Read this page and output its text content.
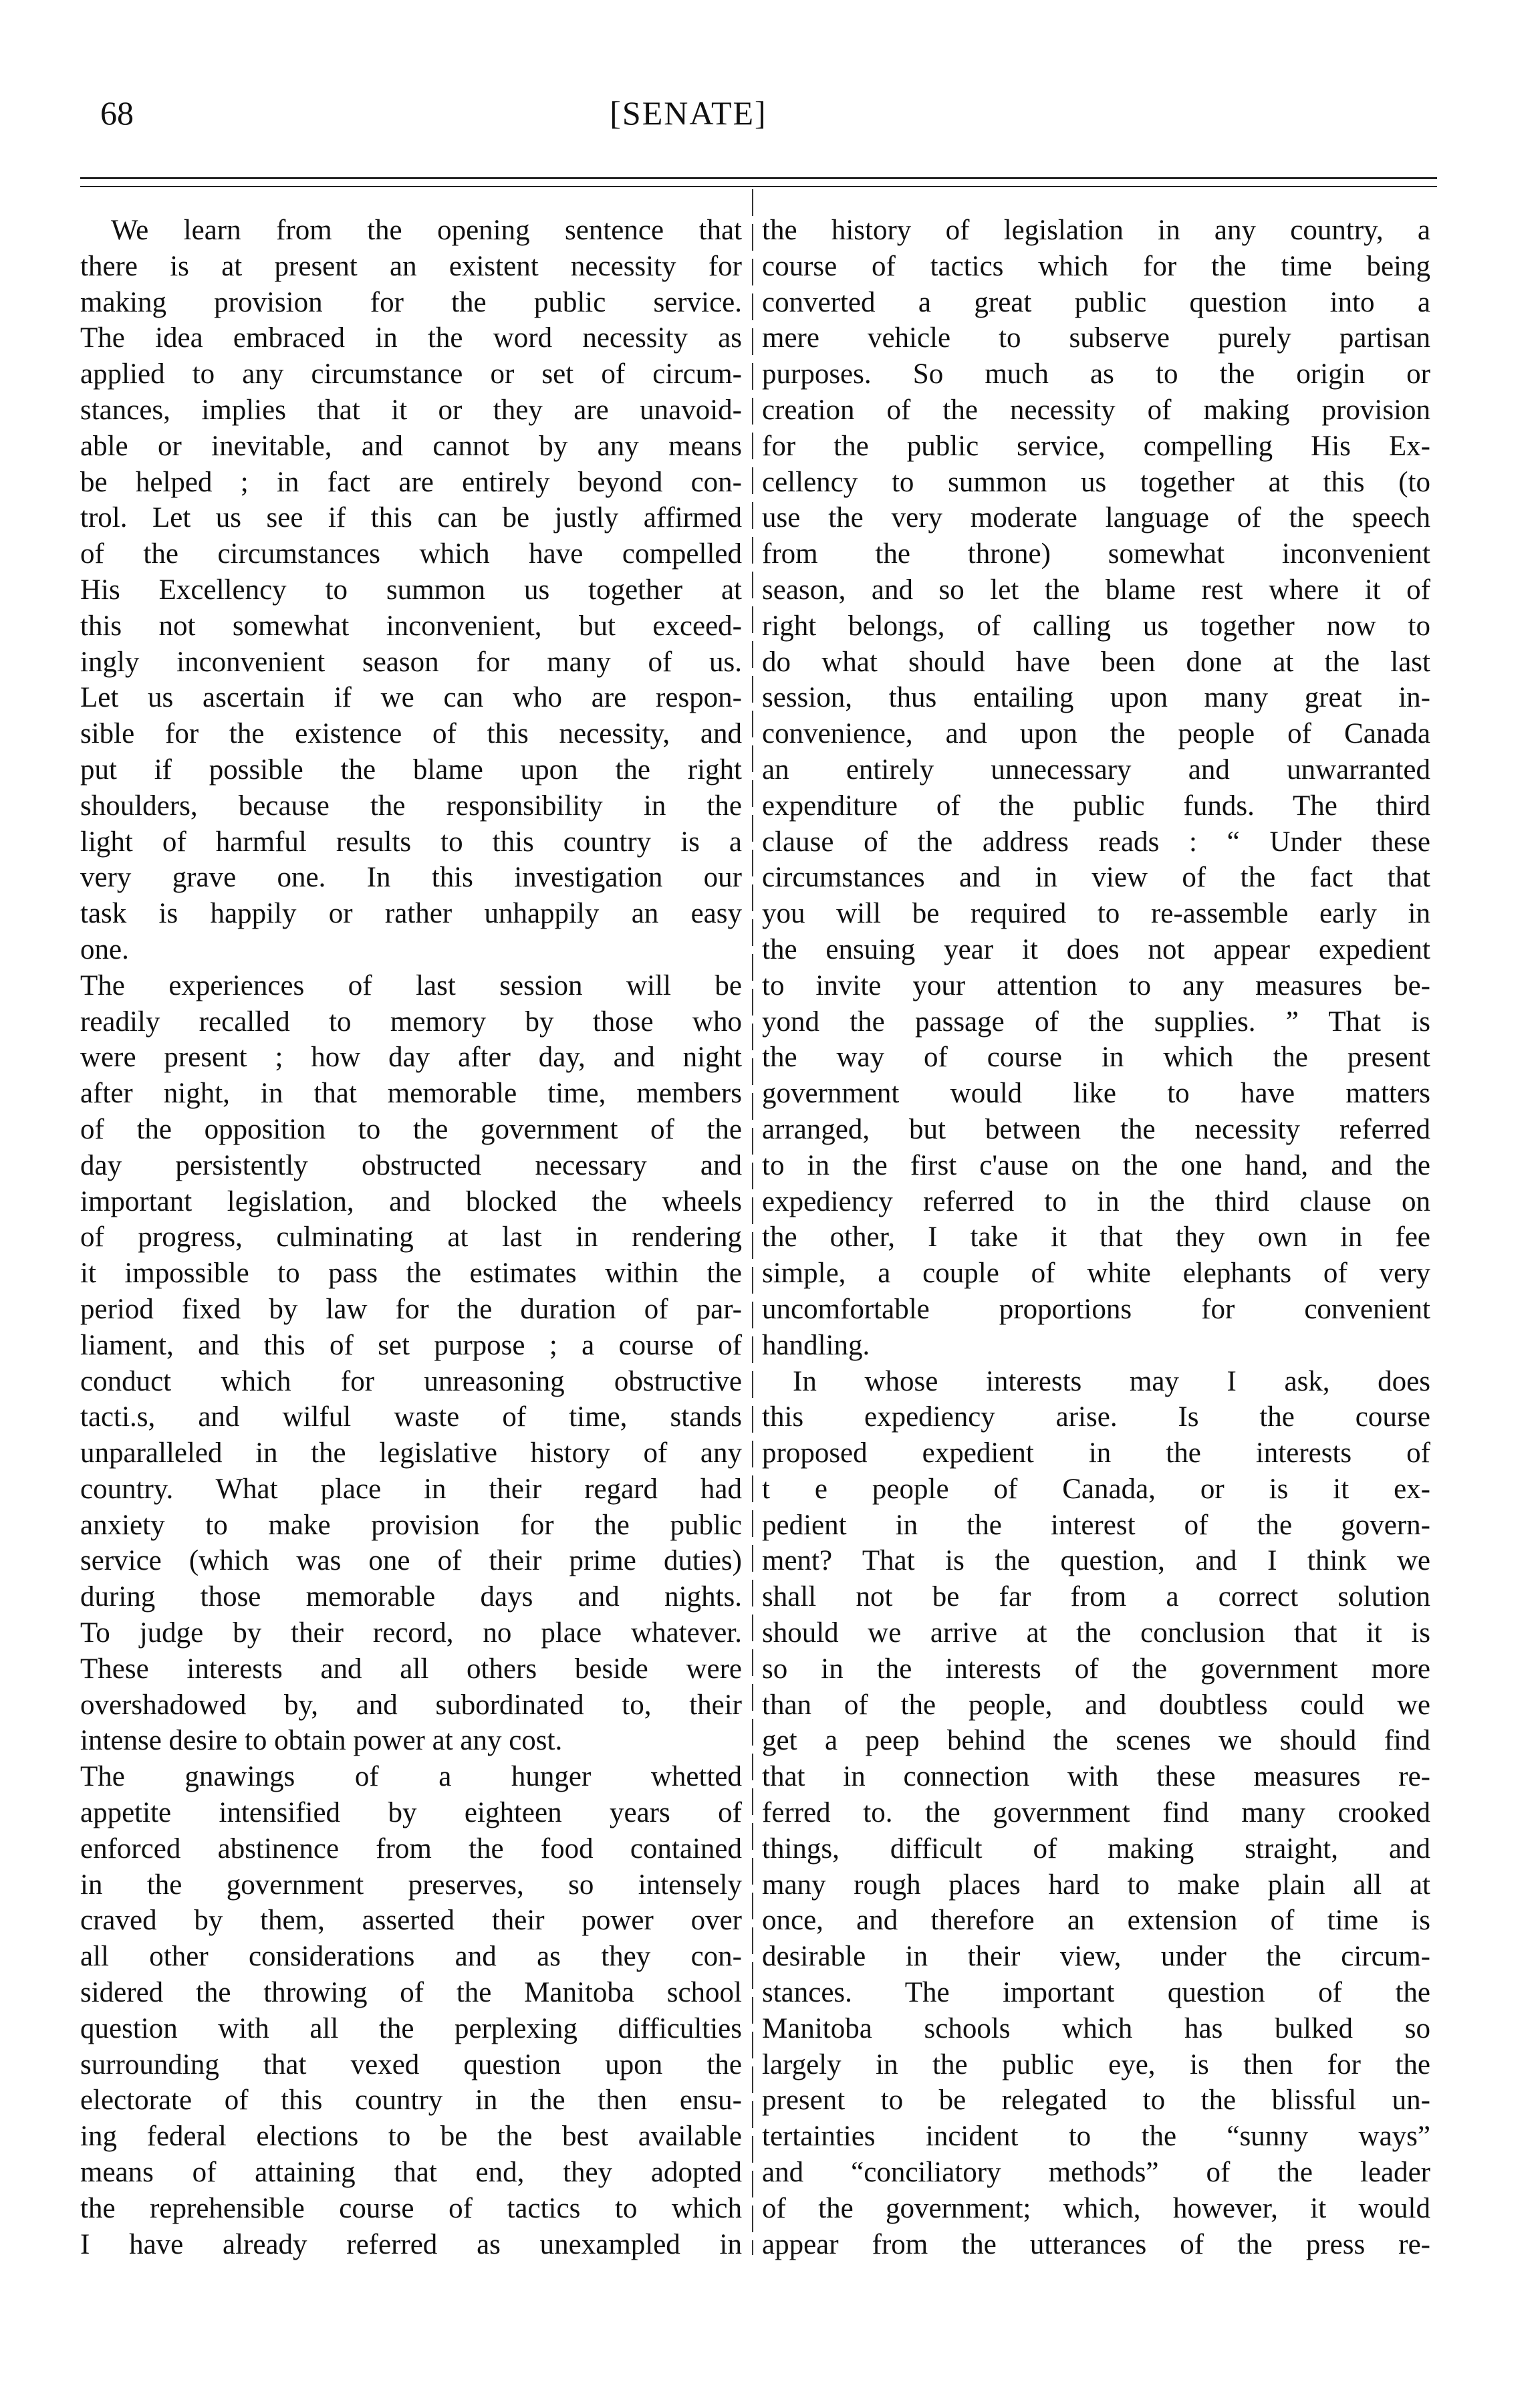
68	[SENATE]
We learn from the opening sentence that
there is at present an existent necessity for
making provision for the public service.
The idea embraced in the word necessity as
applied to any circumstance or set of circum-
stances, implies that it or they are unavoid-
able or inevitable, and cannot by any means
be helped ; in fact are entirely beyond con-
trol. Let us see if this can be justly affirmed
of the circumstances which have compelled
His Excellency to summon us together at
this not somewhat inconvenient, but exceed-
ingly inconvenient season for many of us.
Let us ascertain if we can who are respon-
sible for the existence of this necessity, and
put if possible the blame upon the right
shoulders, because the responsibility in the
light of harmful results to this country is a
very grave one. In this investigation our
task is happily or rather unhappily an easy
one.
The experiences of last session will be
readily recalled to memory by those who
were present ; how day after day, and night
after night, in that memorable time, members
of the opposition to the government of the
day persistently obstructed necessary and
important legislation, and blocked the wheels
of progress, culminating at last in rendering
it impossible to pass the estimates within the
period fixed by law for the duration of par-
liament, and this of set purpose ; a course of
conduct which for unreasoning obstructive
tacti.s, and wilful waste of time, stands
unparalleled in the legislative history of any
country. What place in their regard had
anxiety to make provision for the public
service (which was one of their prime duties)
during those memorable days and nights.
To judge by their record, no place whatever.
These interests and all others beside were
overshadowed by, and subordinated to, their
intense desire to obtain power at any cost.
The gnawings of a hunger whetted
appetite intensified by eighteen years of
enforced abstinence from the food contained
in the government preserves, so intensely
craved by them, asserted their power over
all other considerations and as they con-
sidered the throwing of the Manitoba school
question with all the perplexing difficulties
surrounding that vexed question upon the
electorate of this country in the then ensu-
ing federal elections to be the best available
means of attaining that end, they adopted
the reprehensible course of tactics to which
I have already referred as unexampled in
the history of legislation in any country, a
course of tactics which for the time being
converted a great public question into a
mere vehicle to subserve purely partisan
purposes. So much as to the origin or
creation of the necessity of making provision
for the public service, compelling His Ex-
cellency to summon us together at this (to
use the very moderate language of the speech
from the throne) somewhat inconvenient
season, and so let the blame rest where it of
right belongs, of calling us together now to
do what should have been done at the last
session, thus entailing upon many great in-
convenience, and upon the people of Canada
an entirely unnecessary and unwarranted
expenditure of the public funds. The third
clause of the address reads : “ Under these
circumstances and in view of the fact that
you will be required to re-assemble early in
the ensuing year it does not appear expedient
to invite your attention to any measures be-
yond the passage of the supplies. ” That is
the way of course in which the present
government would like to have matters
arranged, but between the necessity referred
to in the first c'ause on the one hand, and the
expediency referred to in the third clause on
the other, I take it that they own in fee
simple, a couple of white elephants of very
uncomfortable proportions for convenient
handling.
In whose interests may I ask, does
this expediency arise. Is the course
proposed expedient in the interests of
t e people of Canada, or is it ex-
pedient in the interest of the govern-
ment? That is the question, and I think we
shall not be far from a correct solution
should we arrive at the conclusion that it is
so in the interests of the government more
than of the people, and doubtless could we
get a peep behind the scenes we should find
that in connection with these measures re-
ferred to. the government find many crooked
things, difficult of making straight, and
many rough places hard to make plain all at
once, and therefore an extension of time is
desirable in their view, under the circum-
stances. The important question of the
Manitoba schools which has bulked so
largely in the public eye, is then for the
present to be relegated to the blissful un-
tertainties incident to the “sunny ways”
and “conciliatory methods” of the leader
of the government; which, however, it would
appear from the utterances of the press re-
